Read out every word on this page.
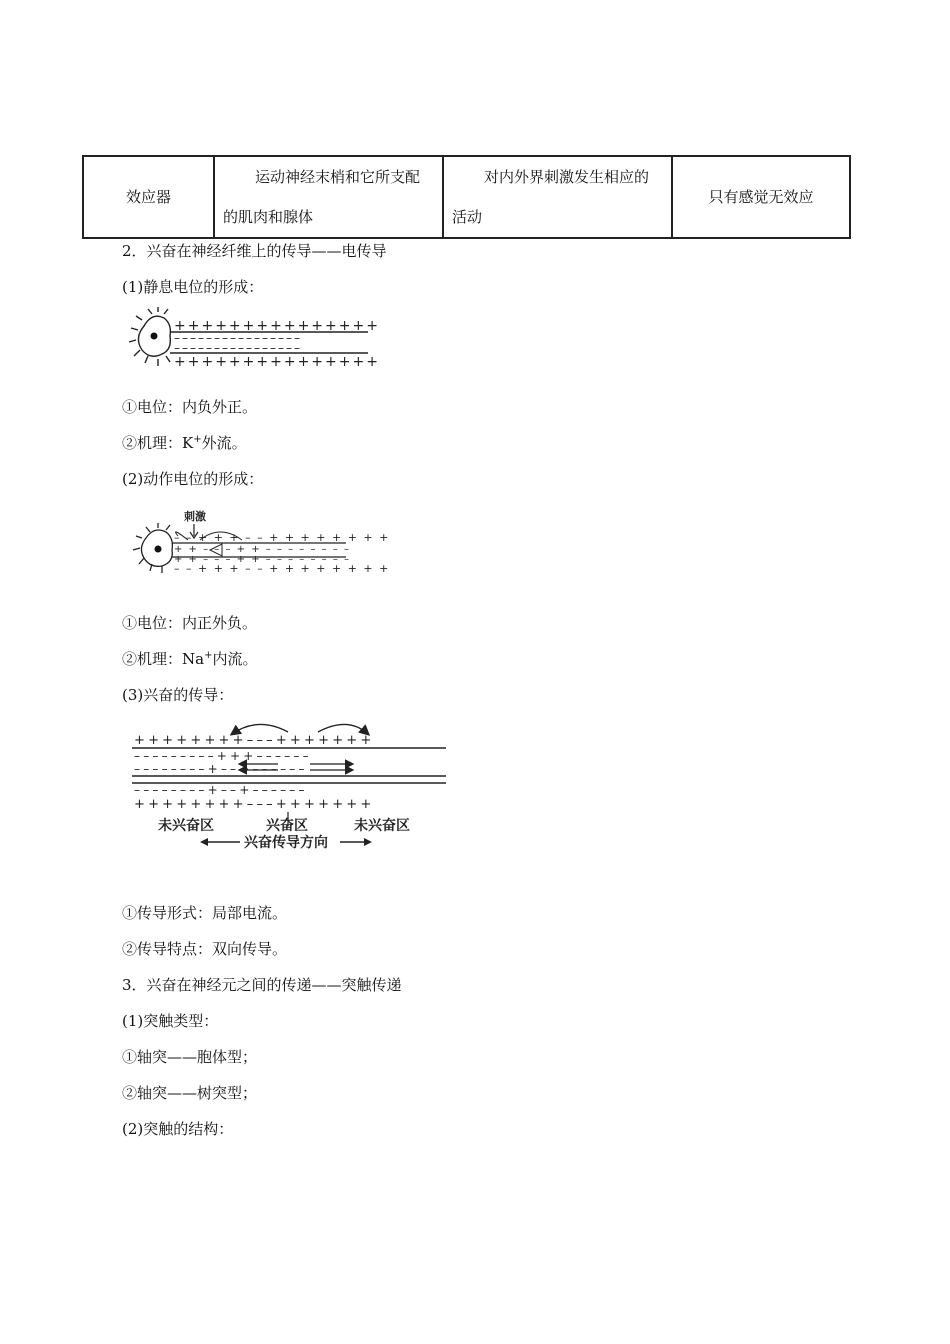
效应器	运动神经末梢和它所支配的肌肉和腺体	对内外界刺激发生相应的活动	只有感觉无效应
2．兴奋在神经纤维上的传导——电传导
(1)静息电位的形成：
+++++++++++++++
––––––––––––––––
––––––––––––––––
+++++++++++++++
①电位：内负外正。
②机理：K+外流。
(2)动作电位的形成：
刺激
– – + + + – – + + + + + + + +
+ + – – – + + – – – – – – – –
+ + – – – + + – – – – – – – –
– – + + + – – + + + + + + + +
①电位：内正外负。
②机理：Na+内流。
(3)兴奋的传导：
++++++++–––+++++++
–––––––––+++––––––
––––––––+––+––––––
––––––––+––+––––––
++++++++–––+++++++
未兴奋区	兴奋区	未兴奋区
兴奋传导方向
①传导形式：局部电流。
②传导特点：双向传导。
3．兴奋在神经元之间的传递——突触传递
(1)突触类型：
①轴突——胞体型；
②轴突——树突型；
(2)突触的结构：
